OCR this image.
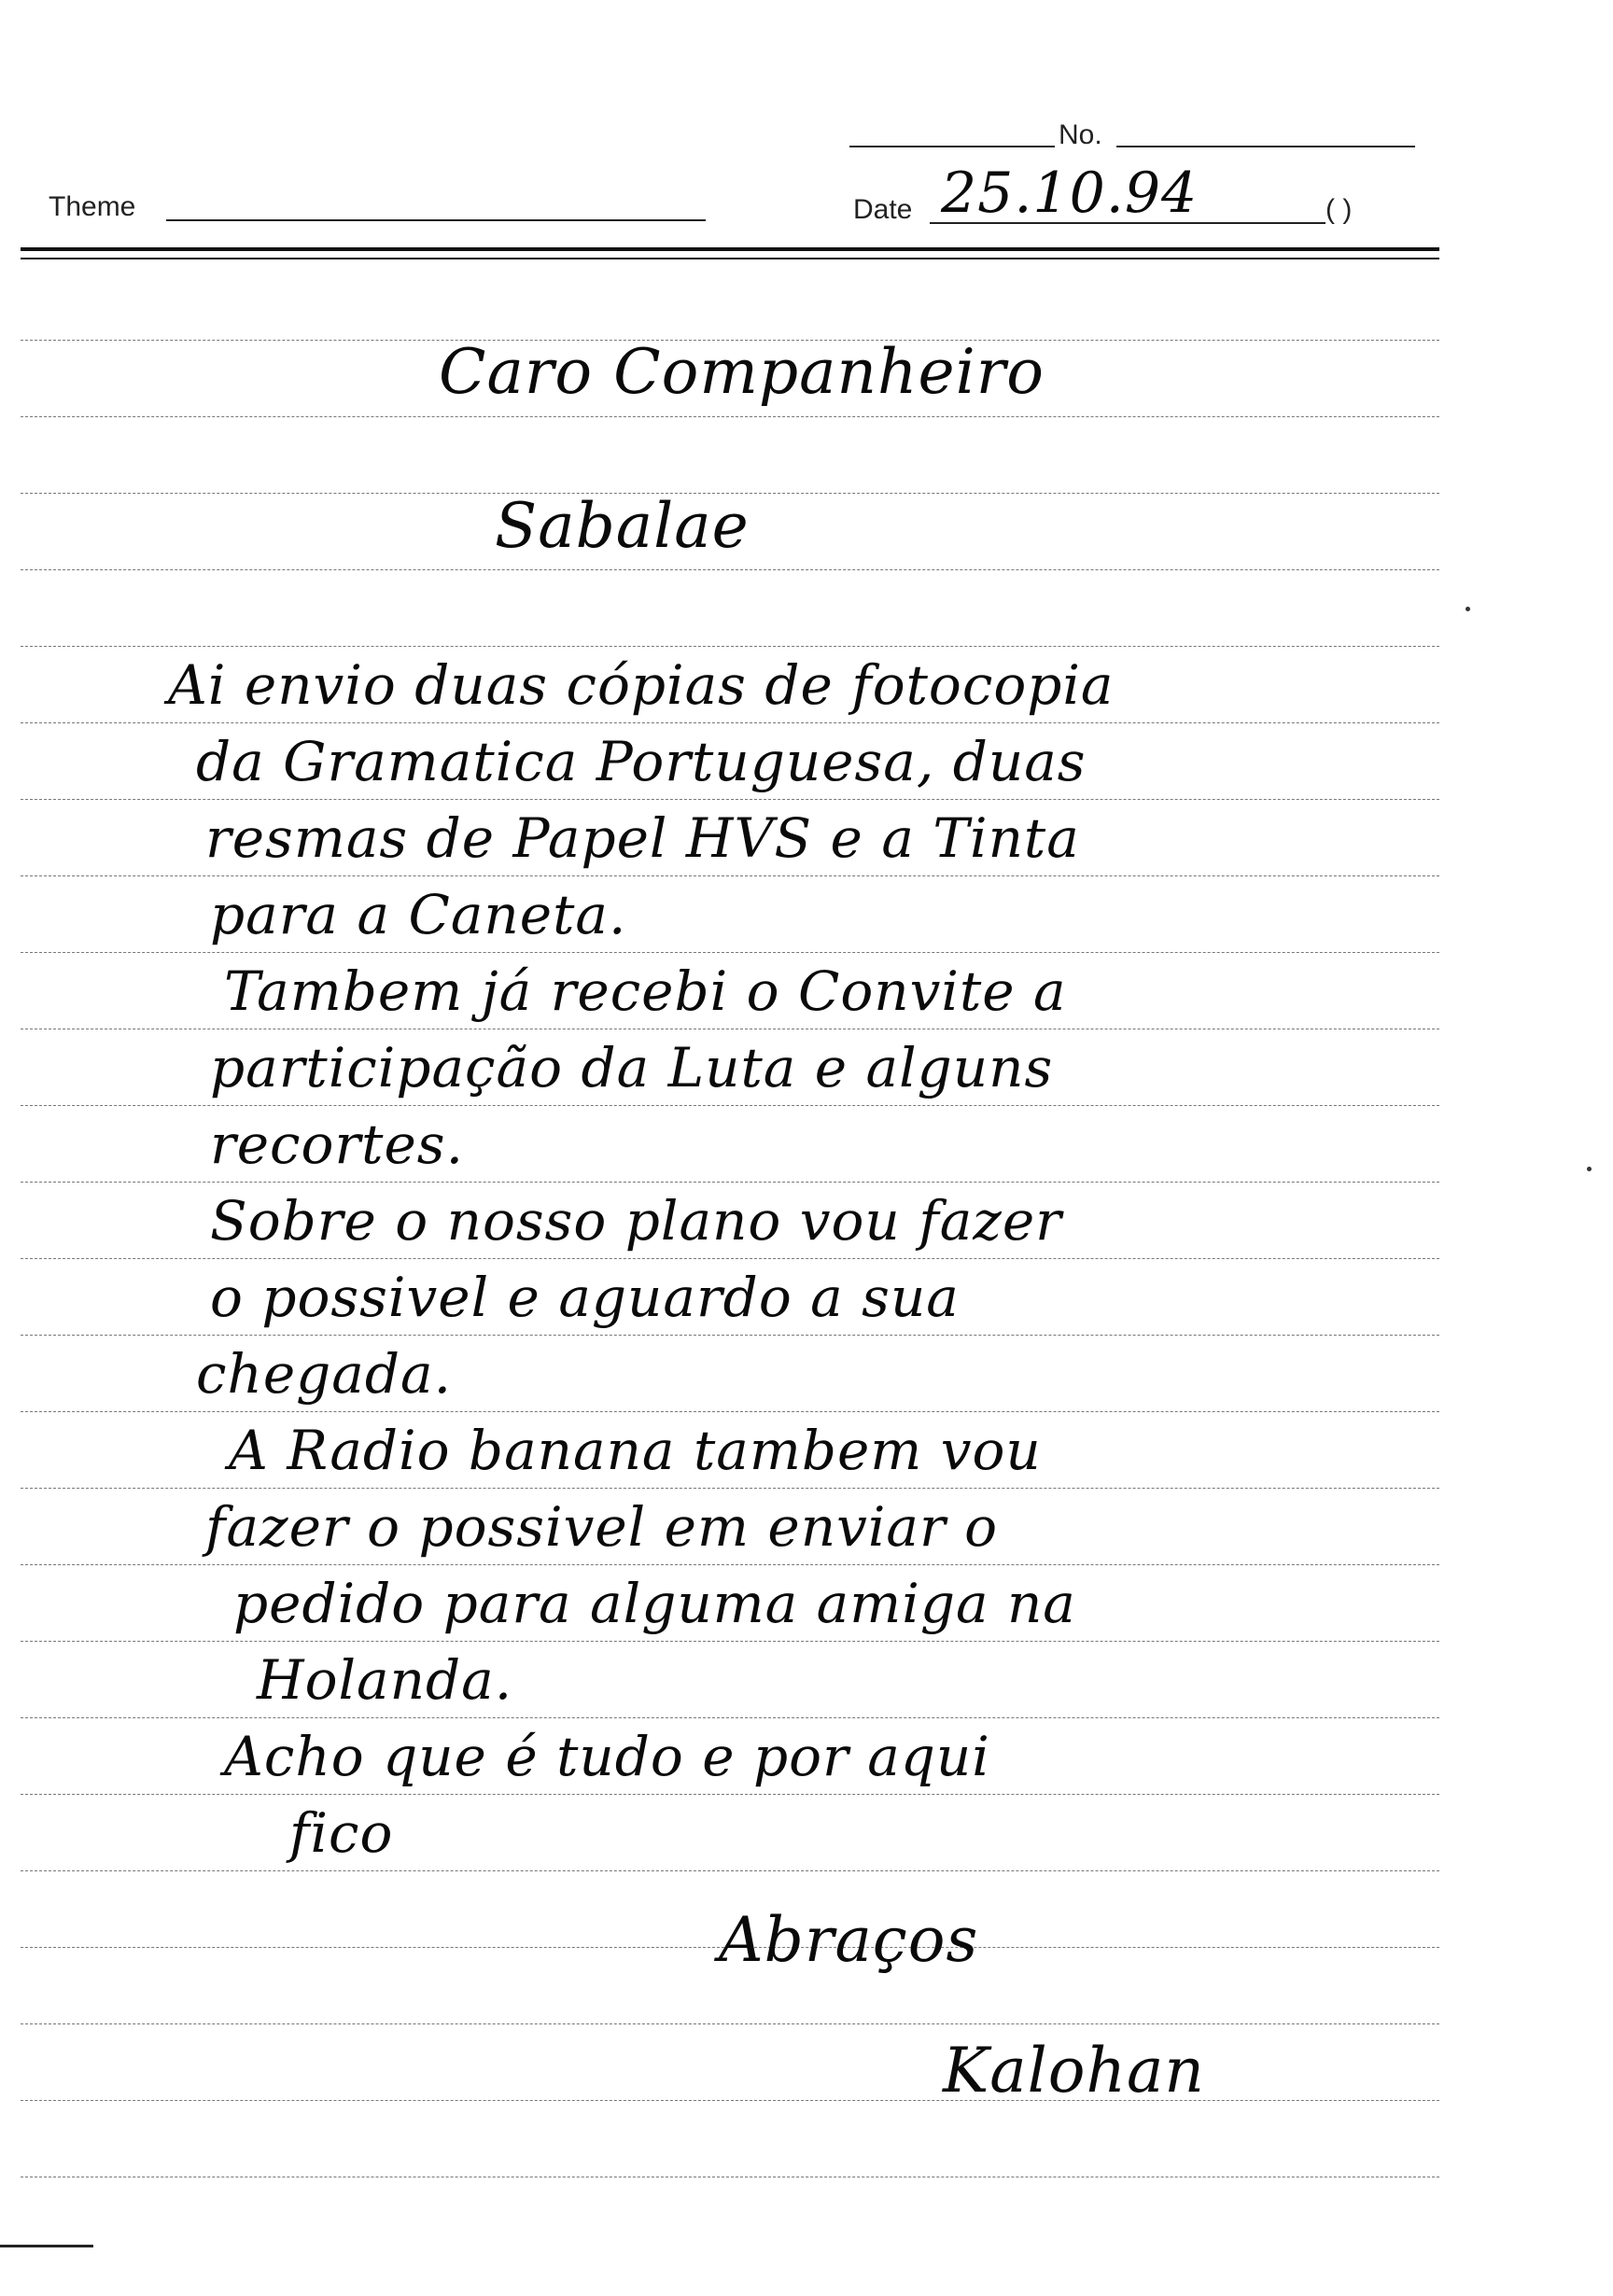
No.
Theme	Date	( )

25.10.94

Caro Companheiro

Sabalae

Ai envio duas cópias de fotocopia

da Gramatica Portuguesa, duas

resmas de Papel HVS e a Tinta

para a Caneta.

Tambem já recebi o Convite a

participação da Luta e alguns

recortes.

Sobre o nosso plano vou fazer

o possivel e aguardo a sua

chegada.

A Radio banana tambem vou

fazer o possivel em enviar o

pedido para alguma amiga na

Holanda.

Acho que é tudo e por aqui

fico

Abraços

Kalohan
